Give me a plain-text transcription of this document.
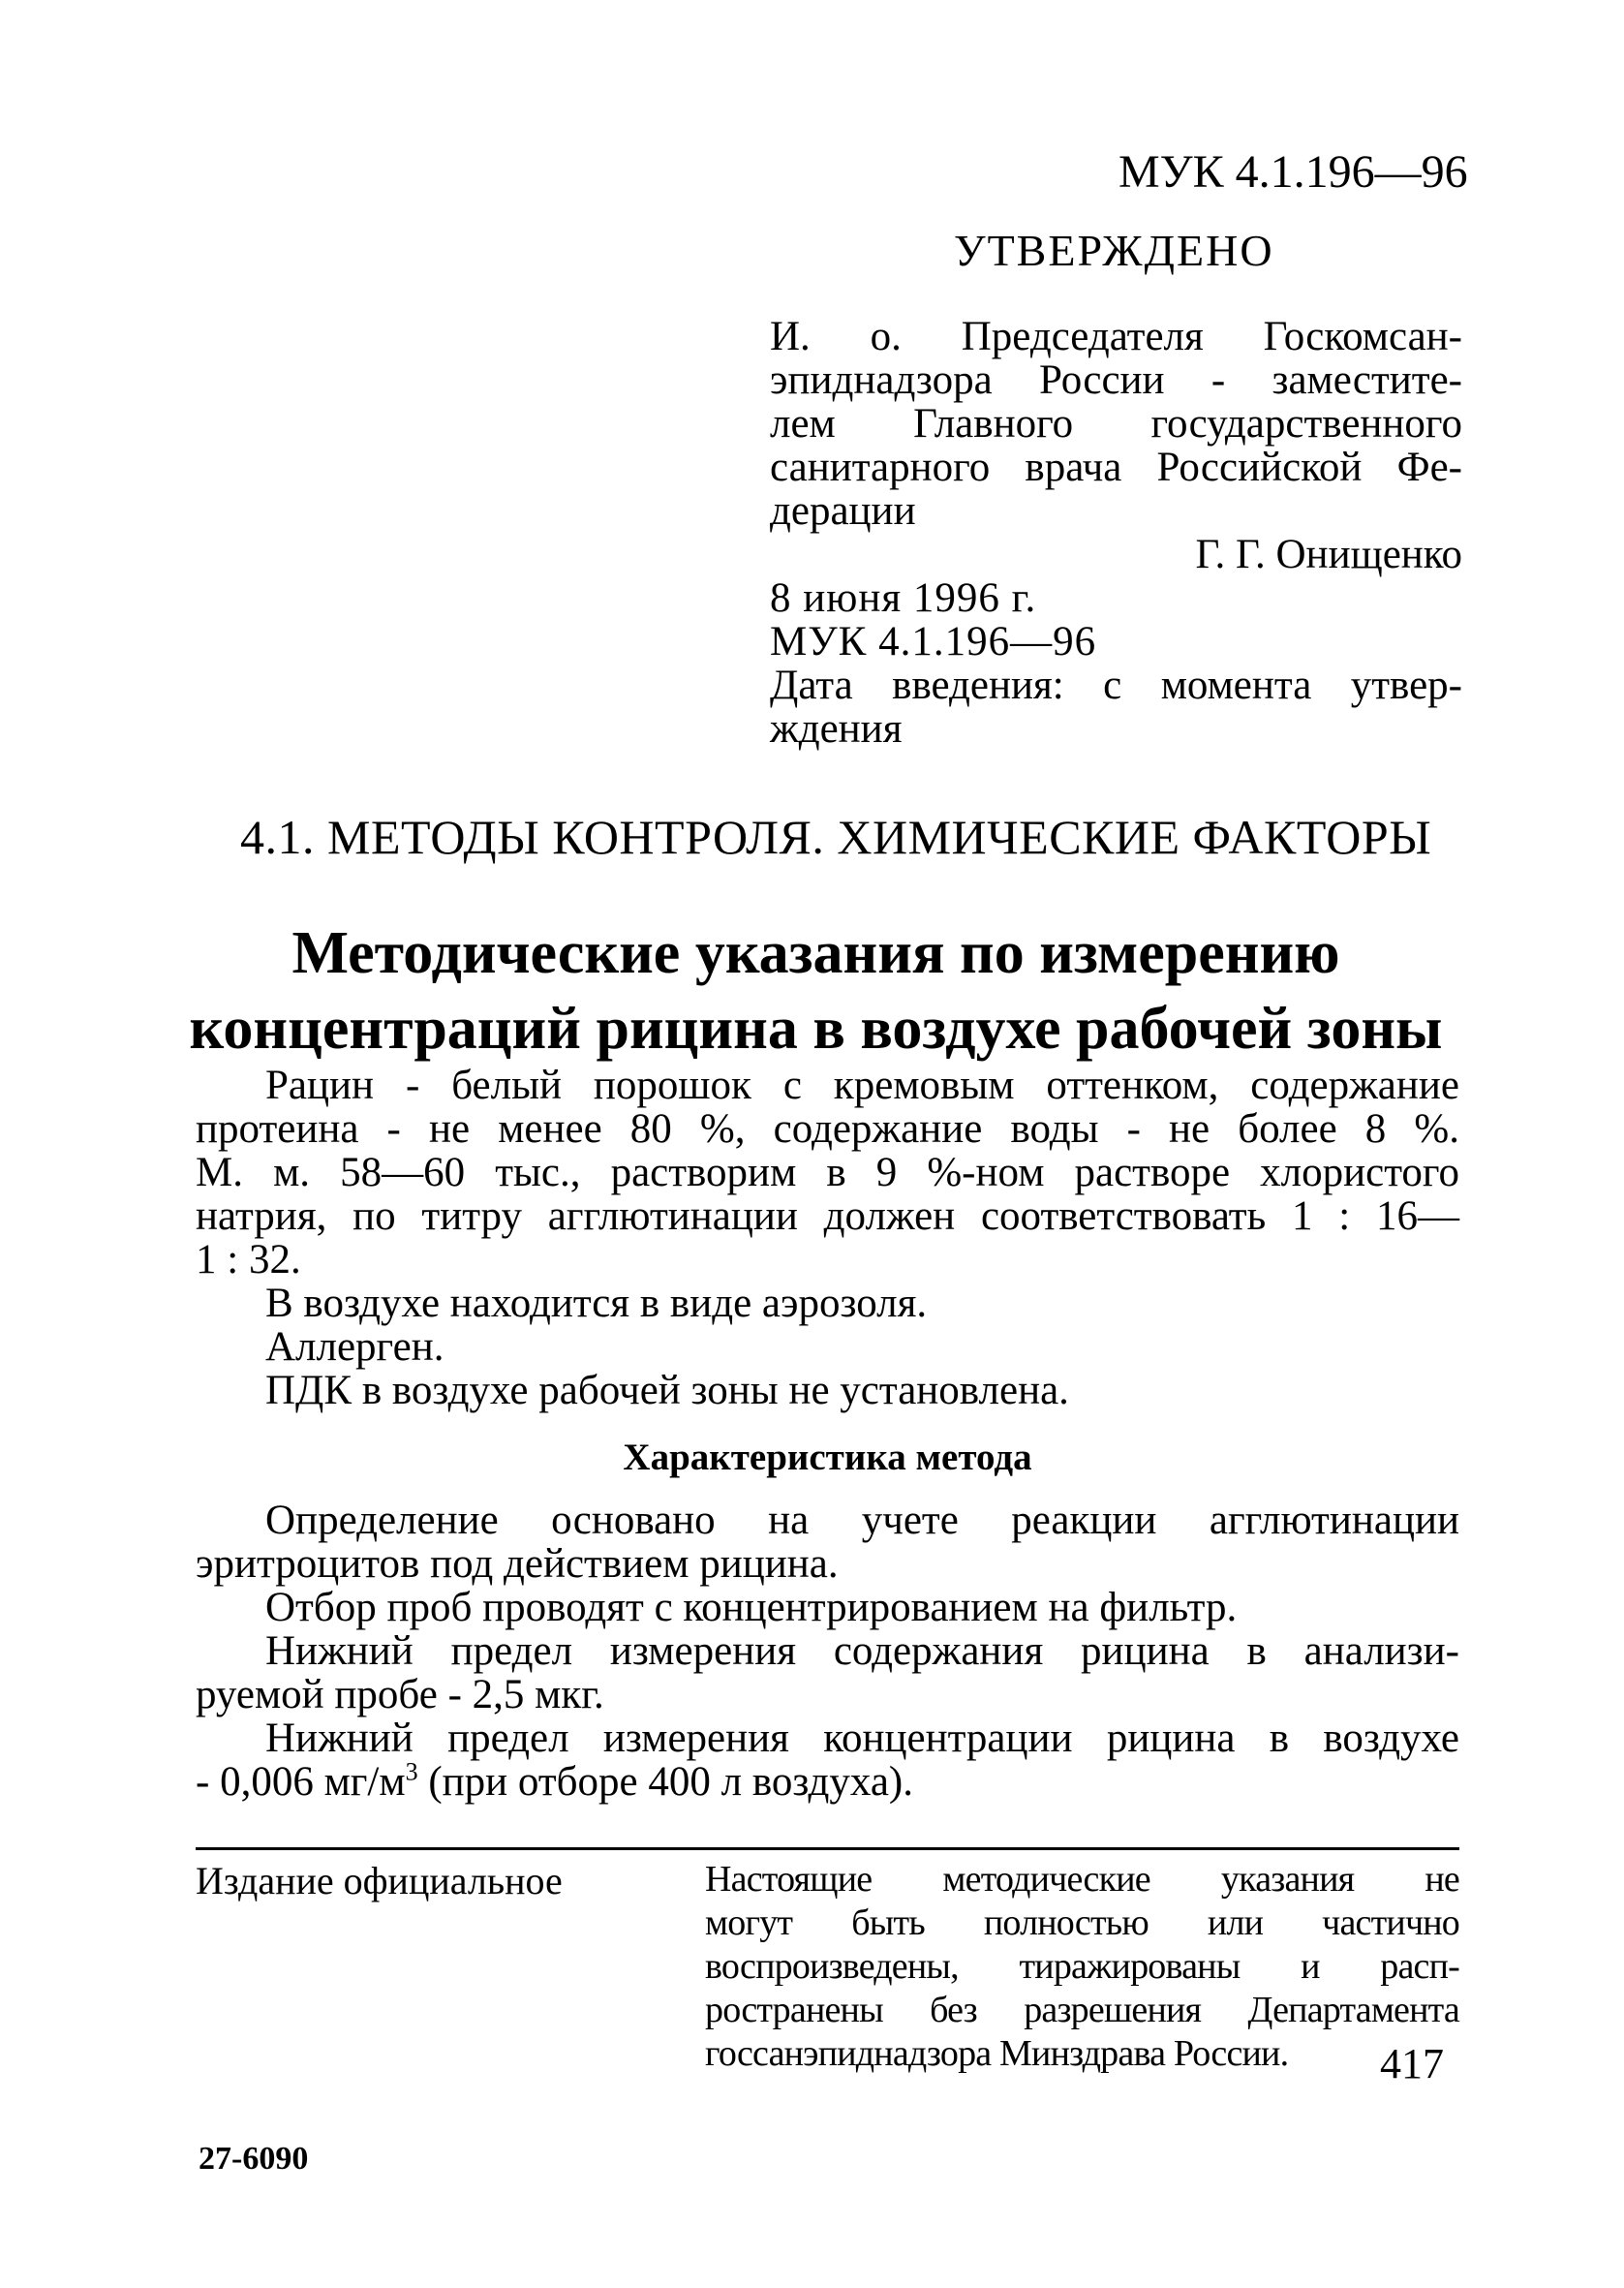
МУК 4.1.196—96
УТВЕРЖДЕНО
И. о. Председателя Госкомсан-
эпиднадзора России - заместите-
лем Главного государственного
санитарного врача Российской Фе-
дерации
Г. Г. Онищенко
8 июня 1996 г.
МУК 4.1.196—96
Дата введения: с момента утвер-
ждения
4.1. МЕТОДЫ КОНТРОЛЯ. ХИМИЧЕСКИЕ ФАКТОРЫ
Методические указания по измерению
концентраций рицина в воздухе рабочей зоны
Рацин - белый порошок с кремовым оттенком, содержание
протеина - не менее 80 %, содержание воды - не более 8 %.
М. м. 58—60 тыс., растворим в 9 %-ном растворе хлористого
натрия, по титру агглютинации должен соответствовать 1 : 16—
1 : 32.
В воздухе находится в виде аэрозоля.
Аллерген.
ПДК в воздухе рабочей зоны не установлена.
Характеристика метода
Определение основано на учете реакции агглютинации
эритроцитов под действием рицина.
Отбор проб проводят с концентрированием на фильтр.
Нижний предел измерения содержания рицина в анализи-
руемой пробе - 2,5 мкг.
Нижний предел измерения концентрации рицина в воздухе
- 0,006 $мг/м^3$ (при отборе 400 л воздуха).
Издание официальное	Настоящие методические указания не
могут быть полностью или частично
воспроизведены, тиражированы и расп-
ространены без разрешения Департамента
госсанэпиднадзора Минздрава России.	417
27-6090
